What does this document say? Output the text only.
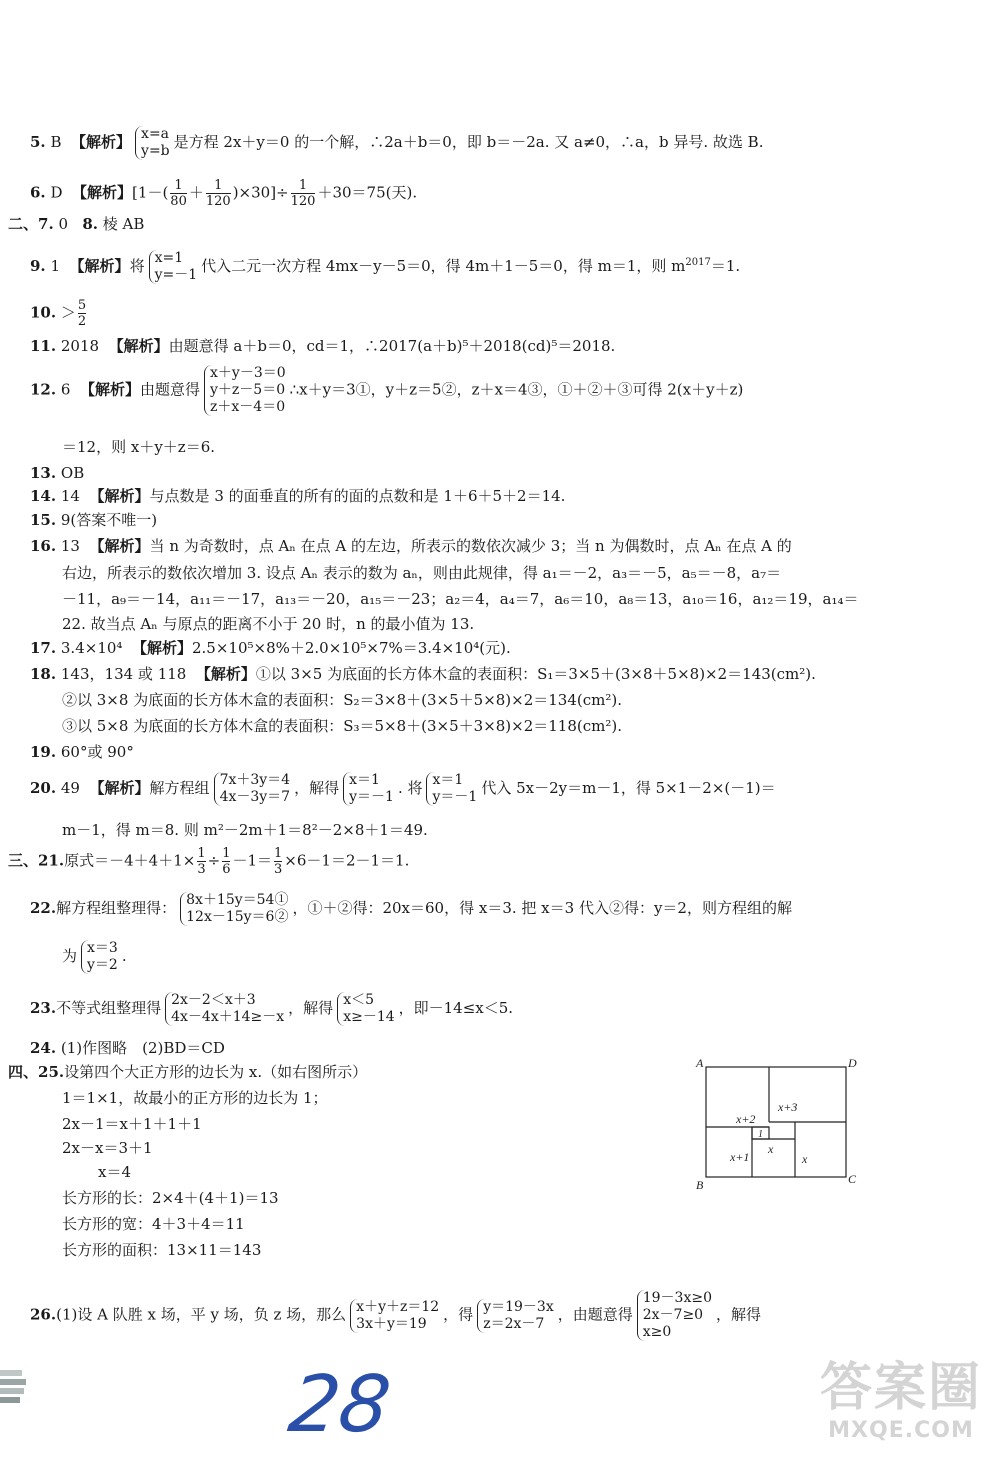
5. B 【解析】 x=a
y=b 是方程 2x＋y＝0 的一个解，∴2a＋b＝0，即 b＝－2a. 又 a≠0，∴a，b 异号. 故选 B.
6. D 【解析】$[1-( \frac{1}{80} + \frac{1}{120} )\times 30]\div \frac{1}{120} +30=75$(天).
二、7. 0 8. 棱 AB
9. 1 【解析】将 x=1
y=－1 代入二元一次方程 4mx－y－5＝0，得 4m＋1－5＝0，得 m＝1，则 $m^{2017}=1$.
10. ＞ $\frac{5}{2}$
11. 2018 【解析】由题意得 a＋b＝0，cd＝1，∴2017(a＋b)⁵＋2018(cd)⁵＝2018.
12. 6 【解析】由题意得x＋y－3＝0
y＋z－5＝0
z＋x－4＝0∴x＋y＝3①，y＋z＝5②，z＋x＝4③，①＋②＋③可得 2(x＋y＋z)
＝12，则 x＋y＋z＝6.
13. OB
14. 14 【解析】与点数是 3 的面垂直的所有的面的点数和是 1＋6＋5＋2＝14.
15. 9(答案不唯一)
16. 13 【解析】当 n 为奇数时，点 Aₙ 在点 A 的左边，所表示的数依次减少 3；当 n 为偶数时，点 Aₙ 在点 A 的
右边，所表示的数依次增加 3. 设点 Aₙ 表示的数为 aₙ，则由此规律，得 a₁＝－2，a₃＝－5，a₅＝－8，a₇＝
－11，a₉＝－14，a₁₁＝－17，a₁₃＝－20，a₁₅＝－23；a₂＝4，a₄＝7，a₆＝10，a₈＝13，a₁₀＝16，a₁₂＝19，a₁₄＝
22. 故当点 Aₙ 与原点的距离不小于 20 时，n 的最小值为 13.
17. 3.4×10⁴ 【解析】2.5×10⁵×8%＋2.0×10⁵×7%＝3.4×10⁴(元).
18. 143，134 或 118 【解析】①以 3×5 为底面的长方体木盒的表面积：S₁＝3×5＋(3×8＋5×8)×2＝143(cm²).
②以 3×8 为底面的长方体木盒的表面积：S₂＝3×8＋(3×5＋5×8)×2＝134(cm²).
③以 5×8 为底面的长方体木盒的表面积：S₃＝5×8＋(3×5＋3×8)×2＝118(cm²).
19. 60°或 90°
20. 49 【解析】解方程组 7x＋3y＝4
4x－3y＝7 ，解得 x＝1
y＝－1 . 将 x＝1
y＝－1 代入 5x－2y＝m－1，得 5×1－2×(－1)＝
m－1，得 m＝8. 则 m²－2m＋1＝8²－2×8＋1＝49.
三、21.原式$=-4+4+1\times \frac{1}{3} \div \frac{1}{6} -1= \frac{1}{3} \times 6-1=2-1=1$.
22.解方程组整理得： 8x＋15y＝54①
12x－15y＝6② ，①＋②得：20x＝60，得 x＝3. 把 x＝3 代入②得：y＝2，则方程组的解
为 x＝3
y＝2 .
23.不等式组整理得 2x－2＜x＋3
4x－4x＋14≥－x ，解得 x＜5
x≥－14 ，即－14≤x＜5.
24. (1)作图略　(2)BD＝CD
四、25.设第四个大正方形的边长为 x.（如右图所示）
1＝1×1，故最小的正方形的边长为 1；
2x－1＝x＋1＋1＋1
2x－x＝3＋1
x＝4
长方形的长：2×4＋(4＋1)＝13
长方形的宽：4＋3＋4＝11
长方形的面积：13×11＝143
A	D
B	C
x+2
x+3
1
x+1
x
x
26.(1)设 A 队胜 x 场，平 y 场，负 z 场，那么 x＋y＋z＝12
3x＋y＝19 ，得 y＝19－3x
z＝2x－7 ，由题意得19－3x≥0
2x－7≥0
x≥0，解得
28	答案圈
MXQE.COM
